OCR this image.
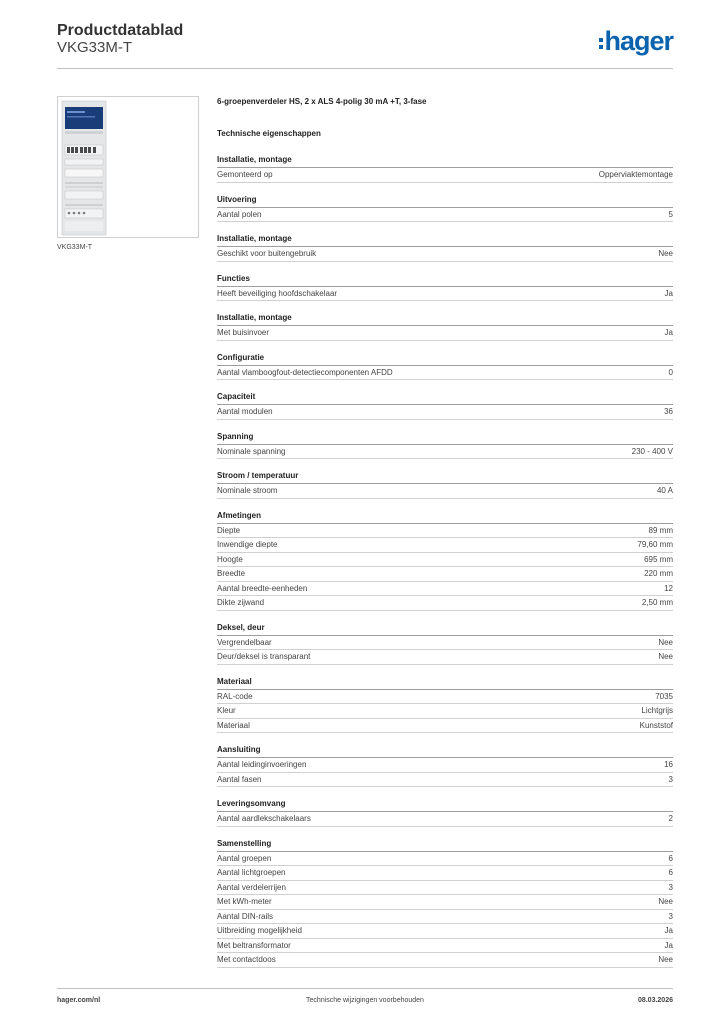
Productdatablad
VKG33M-T	hager
VKG33M-T
6-groepenverdeler HS, 2 x ALS 4-polig 30 mA +T, 3-fase
Technische eigenschappen
Installatie, montage
Gemonteerd op	Opperviaktemontage
Uitvoering
Aantal polen	5
Installatie, montage
Geschikt voor buitengebruik	Nee
Functies
Heeft beveiliging hoofdschakelaar	Ja
Installatie, montage
Met buisinvoer	Ja
Configuratie
Aantal vlamboogfout-detectiecomponenten AFDD	0
Capaciteit
Aantal modulen	36
Spanning
Nominale spanning	230 - 400 V
Stroom / temperatuur
Nominale stroom	40 A
Afmetingen
Diepte	89 mm
Inwendige diepte	79,60 mm
Hoogte	695 mm
Breedte	220 mm
Aantal breedte-eenheden	12
Dikte zijwand	2,50 mm
Deksel, deur
Vergrendelbaar	Nee
Deur/deksel is transparant	Nee
Materiaal
RAL-code	7035
Kleur	Lichtgrijs
Materiaal	Kunststof
Aansluiting
Aantal leidinginvoeringen	16
Aantal fasen	3
Leveringsomvang
Aantal aardlekschakelaars	2
Samenstelling
Aantal groepen	6
Aantal lichtgroepen	6
Aantal verdelerrijen	3
Met kWh-meter	Nee
Aantal DIN-rails	3
Uitbreiding mogelijkheid	Ja
Met beltransformator	Ja
Met contactdoos	Nee
hager.com/nl	Technische wijzigingen voorbehouden	08.03.2026
